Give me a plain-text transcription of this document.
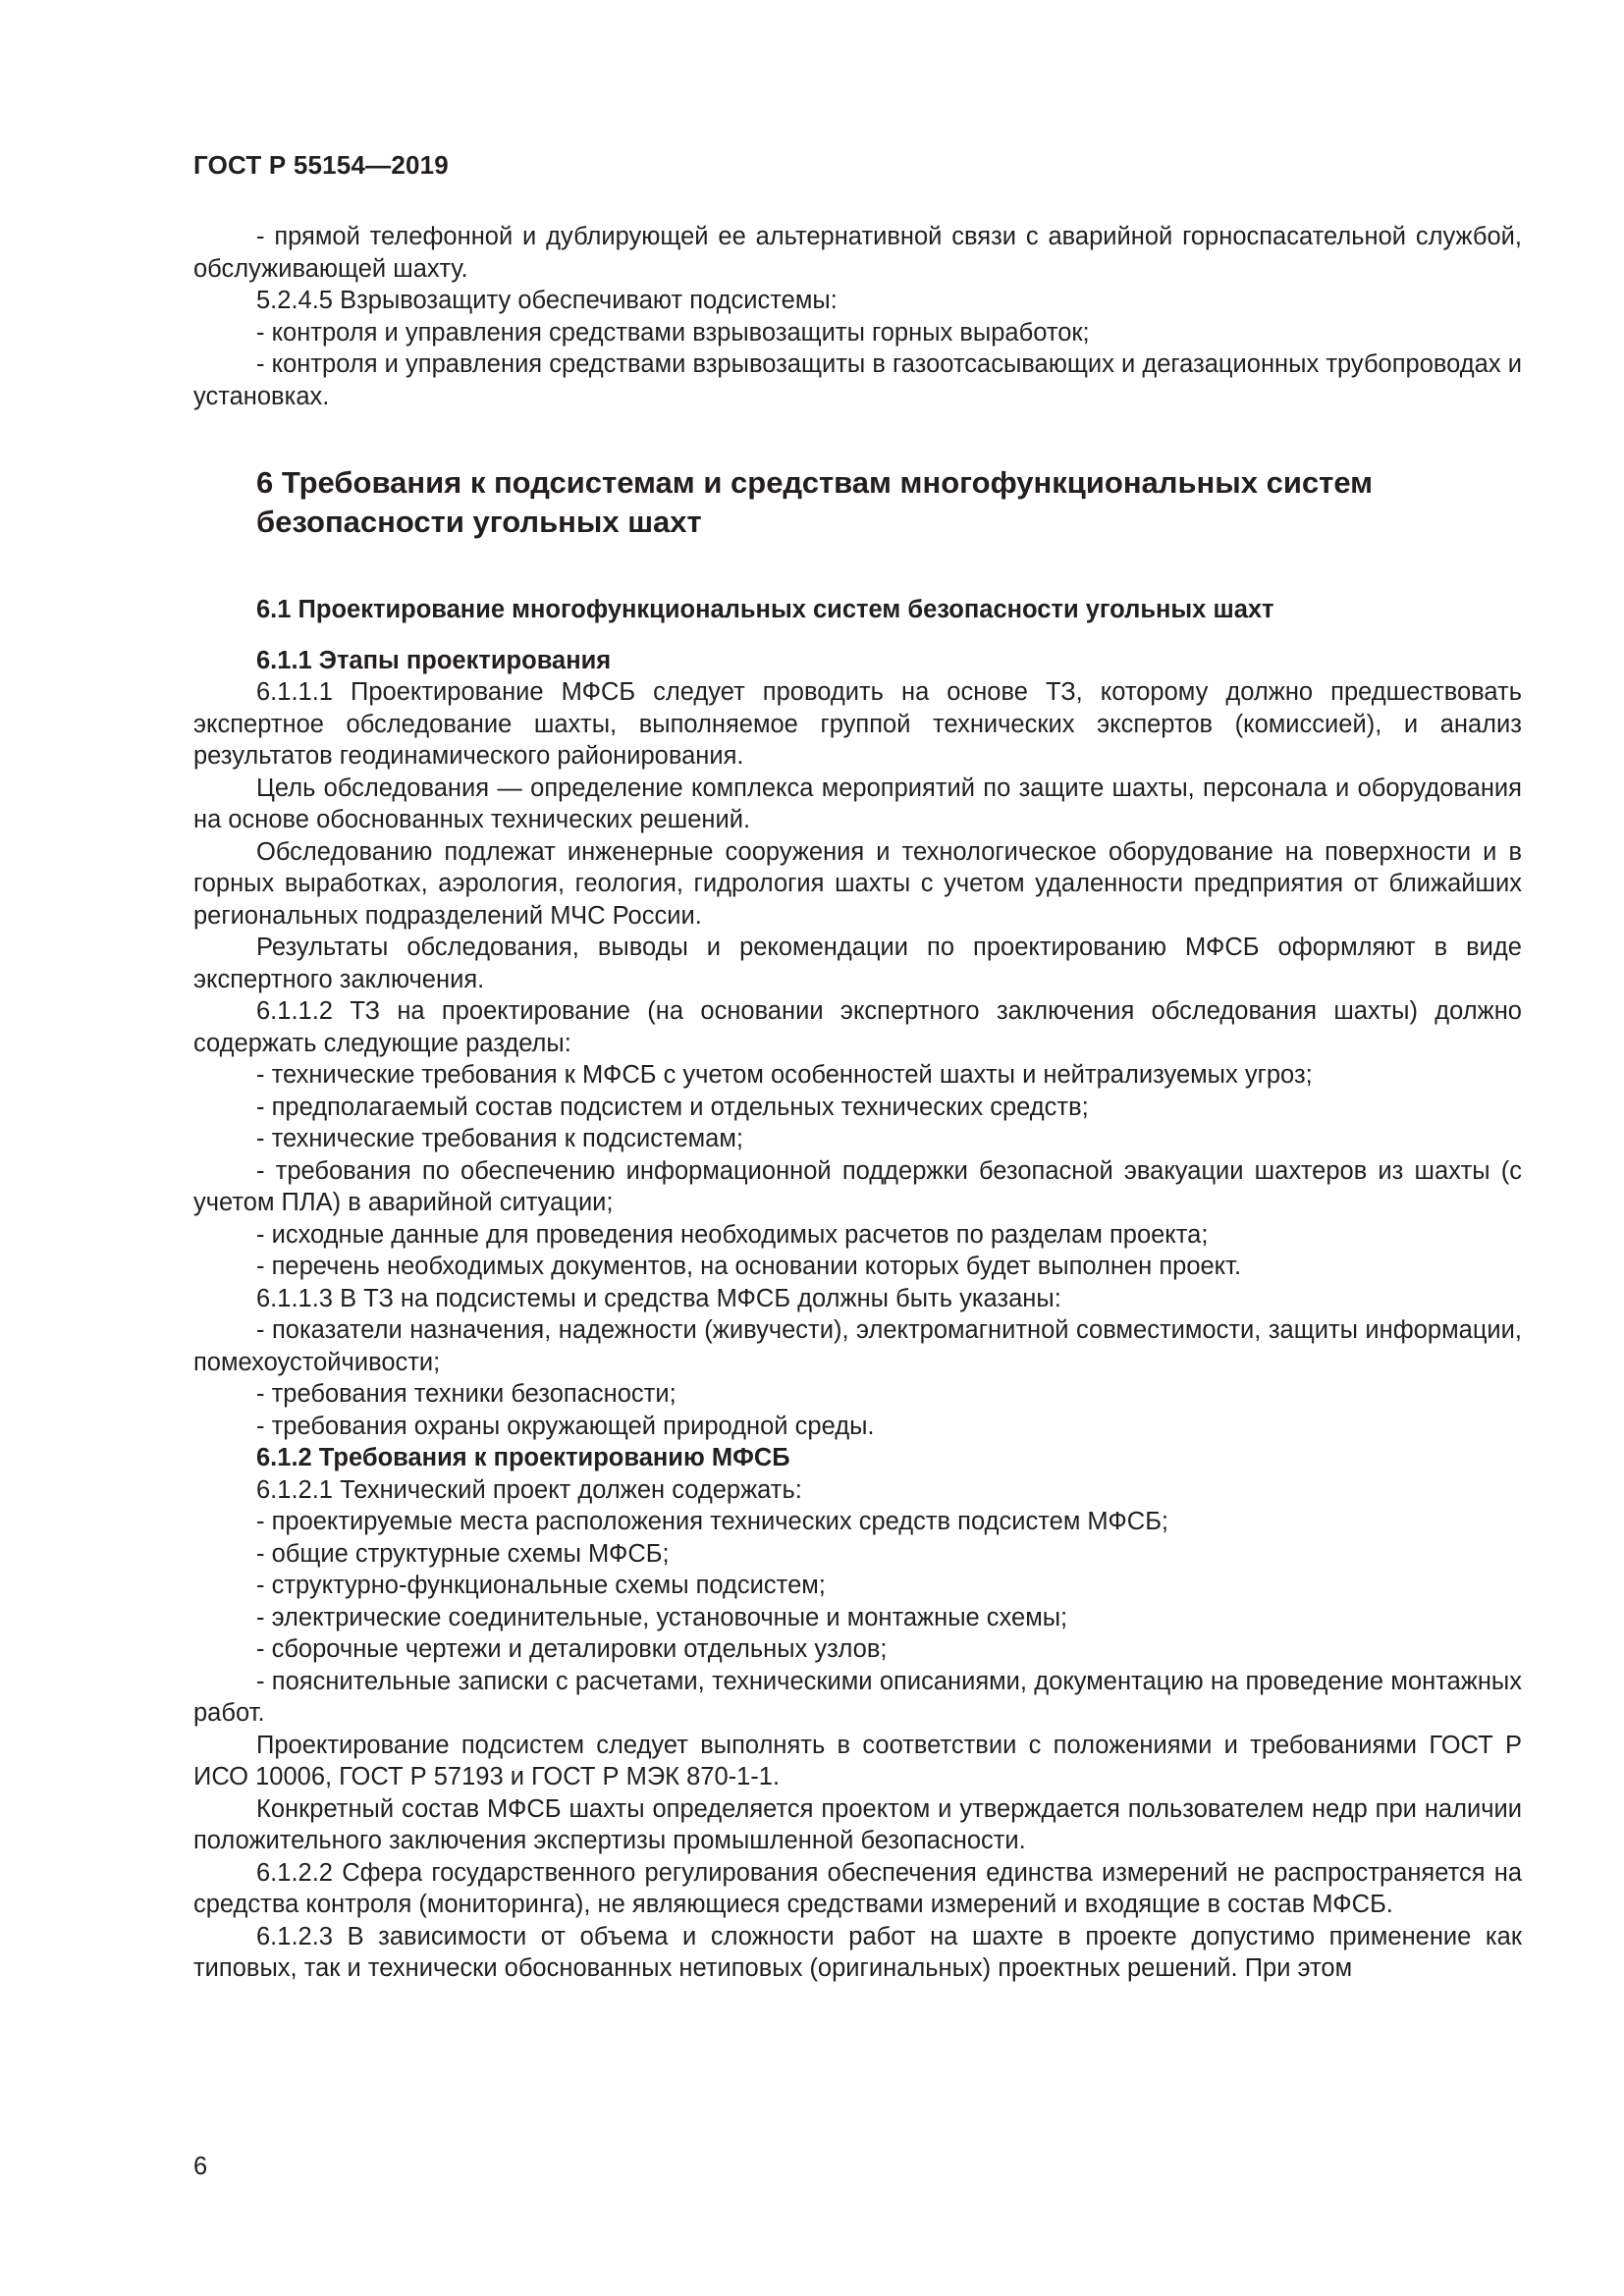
ГОСТ Р 55154—2019

- прямой телефонной и дублирующей ее альтернативной связи с аварийной горноспасательной службой, обслуживающей шахту.

5.2.4.5 Взрывозащиту обеспечивают подсистемы:

- контроля и управления средствами взрывозащиты горных выработок;

- контроля и управления средствами взрывозащиты в газоотсасывающих и дегазационных трубопроводах и установках.

6 Требования к подсистемам и средствам многофункциональных систем безопасности угольных шахт
6.1 Проектирование многофункциональных систем безопасности угольных шахт
6.1.1 Этапы проектирования

6.1.1.1 Проектирование МФСБ следует проводить на основе ТЗ, которому должно предшествовать экспертное обследование шахты, выполняемое группой технических экспертов (комиссией), и анализ результатов геодинамического районирования.

Цель обследования — определение комплекса мероприятий по защите шахты, персонала и оборудования на основе обоснованных технических решений.

Обследованию подлежат инженерные сооружения и технологическое оборудование на поверхности и в горных выработках, аэрология, геология, гидрология шахты с учетом удаленности предприятия от ближайших региональных подразделений МЧС России.

Результаты обследования, выводы и рекомендации по проектированию МФСБ оформляют в виде экспертного заключения.

6.1.1.2 ТЗ на проектирование (на основании экспертного заключения обследования шахты) должно содержать следующие разделы:

- технические требования к МФСБ с учетом особенностей шахты и нейтрализуемых угроз;

- предполагаемый состав подсистем и отдельных технических средств;

- технические требования к подсистемам;

- требования по обеспечению информационной поддержки безопасной эвакуации шахтеров из шахты (с учетом ПЛА) в аварийной ситуации;

- исходные данные для проведения необходимых расчетов по разделам проекта;

- перечень необходимых документов, на основании которых будет выполнен проект.

6.1.1.3 В ТЗ на подсистемы и средства МФСБ должны быть указаны:

- показатели назначения, надежности (живучести), электромагнитной совместимости, защиты информации, помехоустойчивости;

- требования техники безопасности;

- требования охраны окружающей природной среды.

6.1.2 Требования к проектированию МФСБ

6.1.2.1 Технический проект должен содержать:

- проектируемые места расположения технических средств подсистем МФСБ;

- общие структурные схемы МФСБ;

- структурно-функциональные схемы подсистем;

- электрические соединительные, установочные и монтажные схемы;

- сборочные чертежи и деталировки отдельных узлов;

- пояснительные записки с расчетами, техническими описаниями, документацию на проведение монтажных работ.

Проектирование подсистем следует выполнять в соответствии с положениями и требованиями ГОСТ Р ИСО 10006, ГОСТ Р 57193 и ГОСТ Р МЭК 870-1-1.

Конкретный состав МФСБ шахты определяется проектом и утверждается пользователем недр при наличии положительного заключения экспертизы промышленной безопасности.

6.1.2.2 Сфера государственного регулирования обеспечения единства измерений не распространяется на средства контроля (мониторинга), не являющиеся средствами измерений и входящие в состав МФСБ.

6.1.2.3 В зависимости от объема и сложности работ на шахте в проекте допустимо применение как типовых, так и технически обоснованных нетиповых (оригинальных) проектных решений. При этом

6
